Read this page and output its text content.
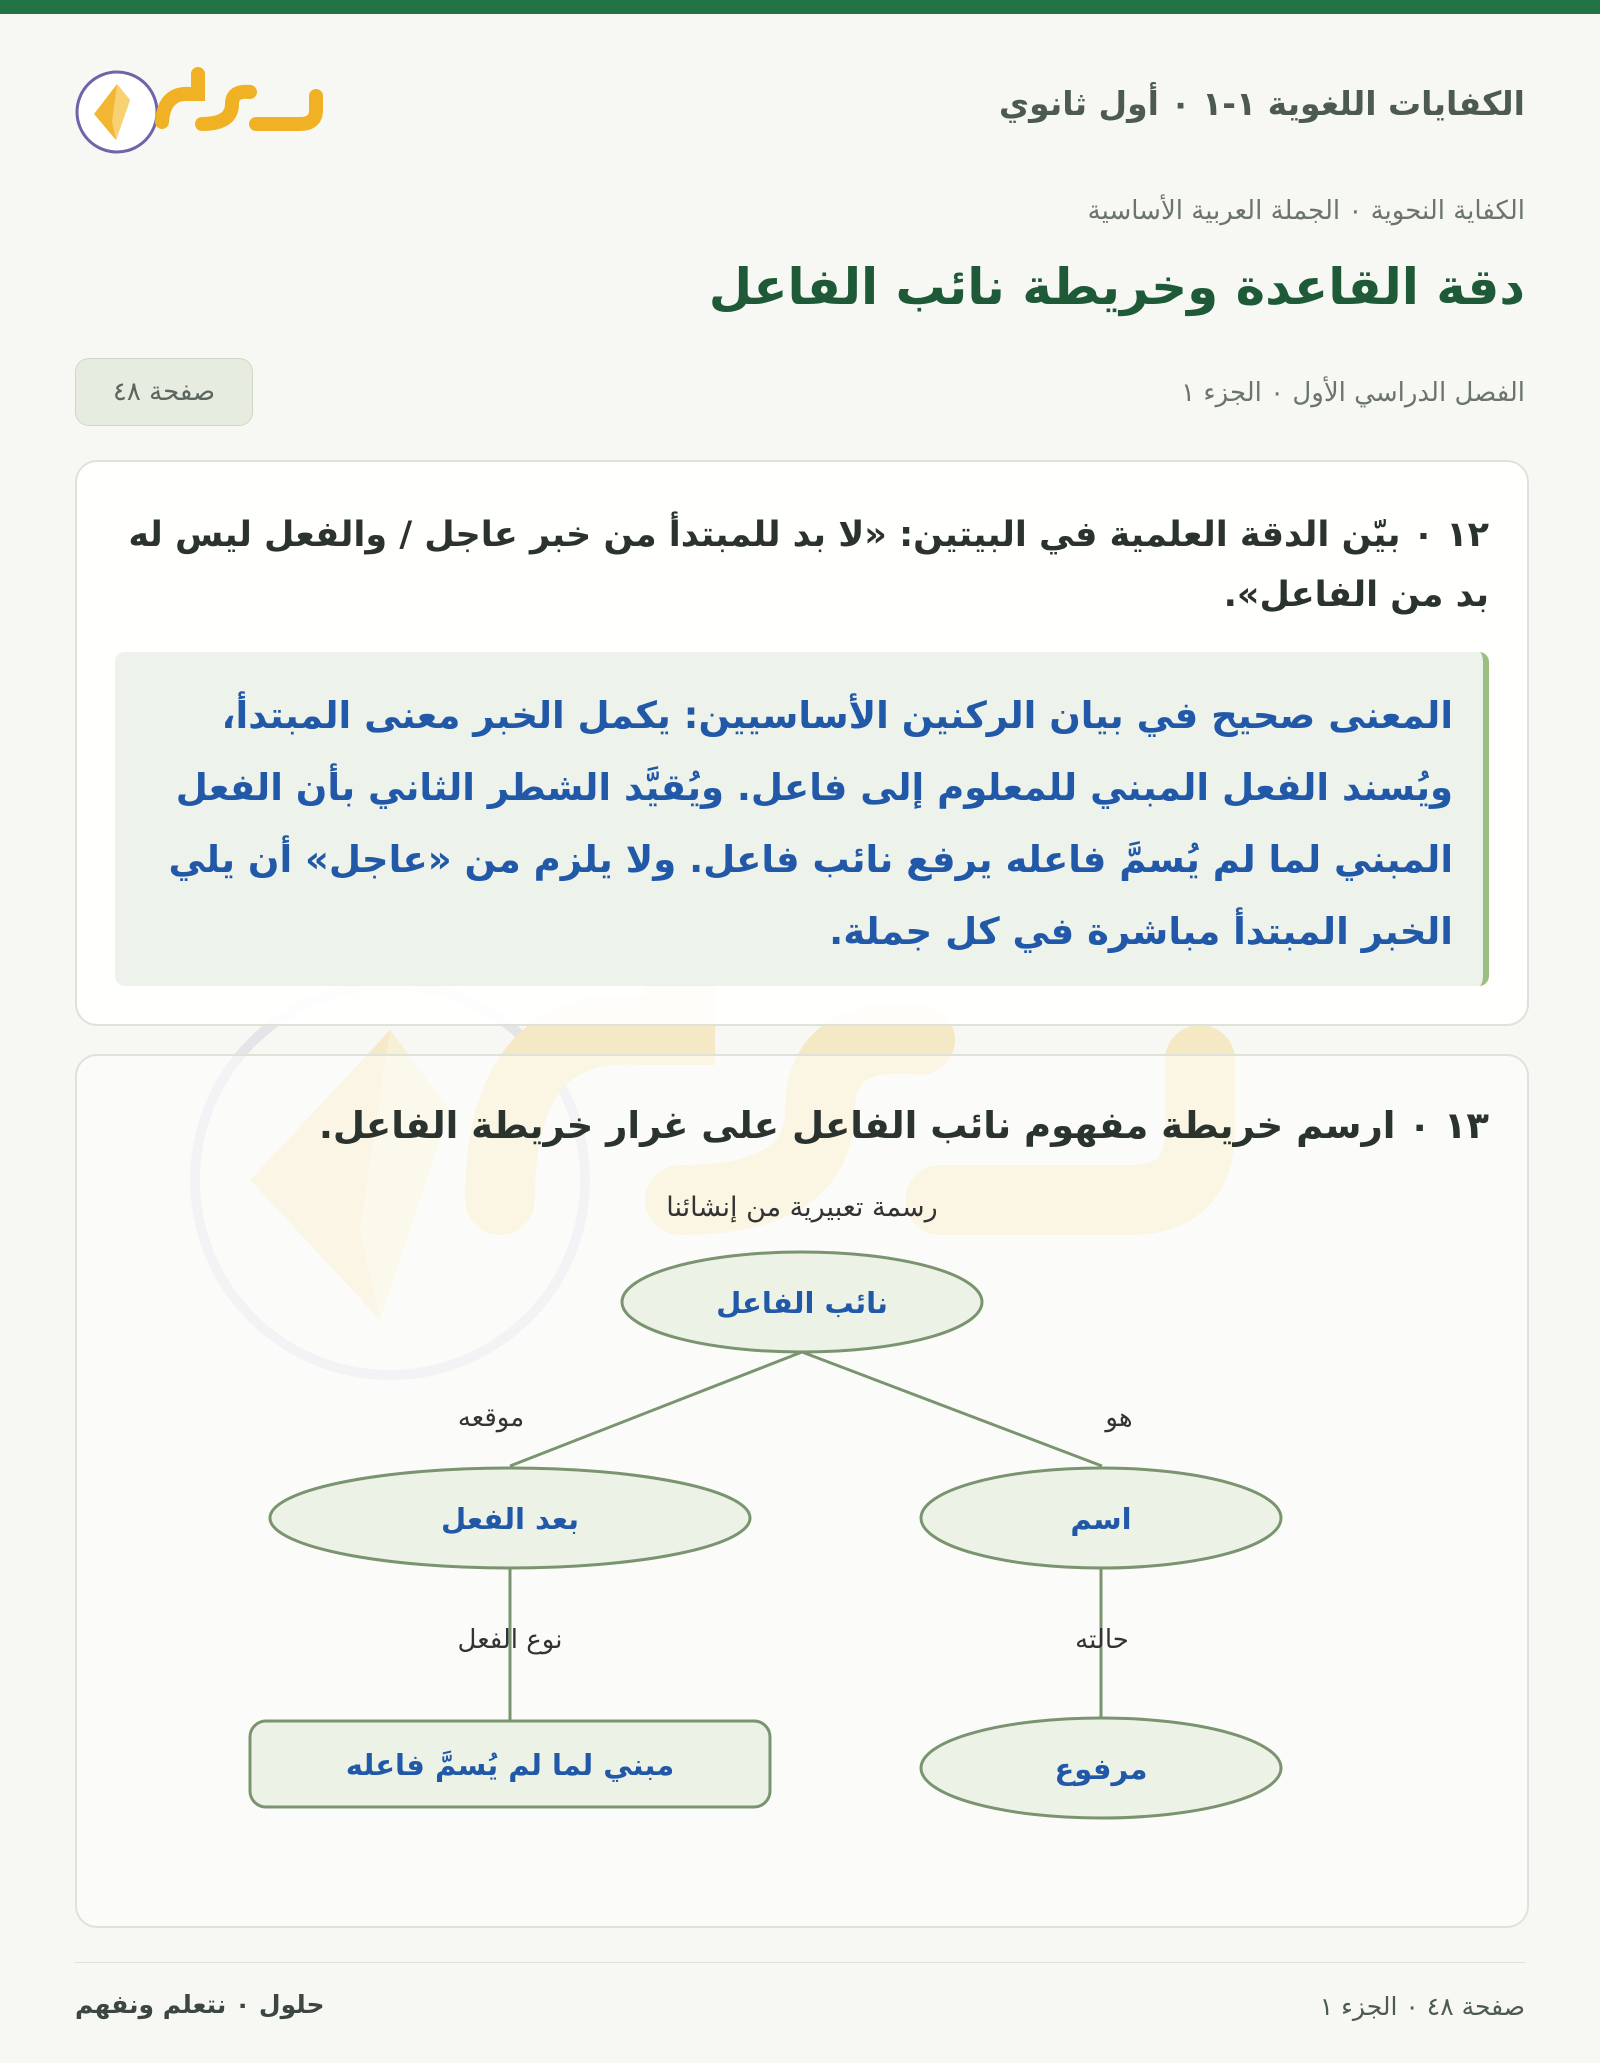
الكفايات اللغوية ١-١ ٠ أول ثانوي
الكفاية النحوية ٠ الجملة العربية الأساسية
دقة القاعدة وخريطة نائب الفاعل
الفصل الدراسي الأول ٠ الجزء ١
صفحة ٤٨
١٢ ٠ بيّن الدقة العلمية في البيتين: «لا بد للمبتدأ من خبر عاجل / والفعل ليس له بد من الفاعل».
المعنى صحيح في بيان الركنين الأساسيين: يكمل الخبر معنى المبتدأ، ويُسند الفعل المبني للمعلوم إلى فاعل. ويُقيَّد الشطر الثاني بأن الفعل المبني لما لم يُسمَّ فاعله يرفع نائب فاعل. ولا يلزم من «عاجل» أن يلي الخبر المبتدأ مباشرة في كل جملة.
١٣ ٠ ارسم خريطة مفهوم نائب الفاعل على غرار خريطة الفاعل.
رسمة تعبيرية من إنشائنا
هو
موقعه
حالته
نوع الفعل
نائب الفاعل
اسم
بعد الفعل
مرفوع
مبني لما لم يُسمَّ فاعله
حلول ٠ نتعلم ونفهم	صفحة ٤٨ ٠ الجزء ١
